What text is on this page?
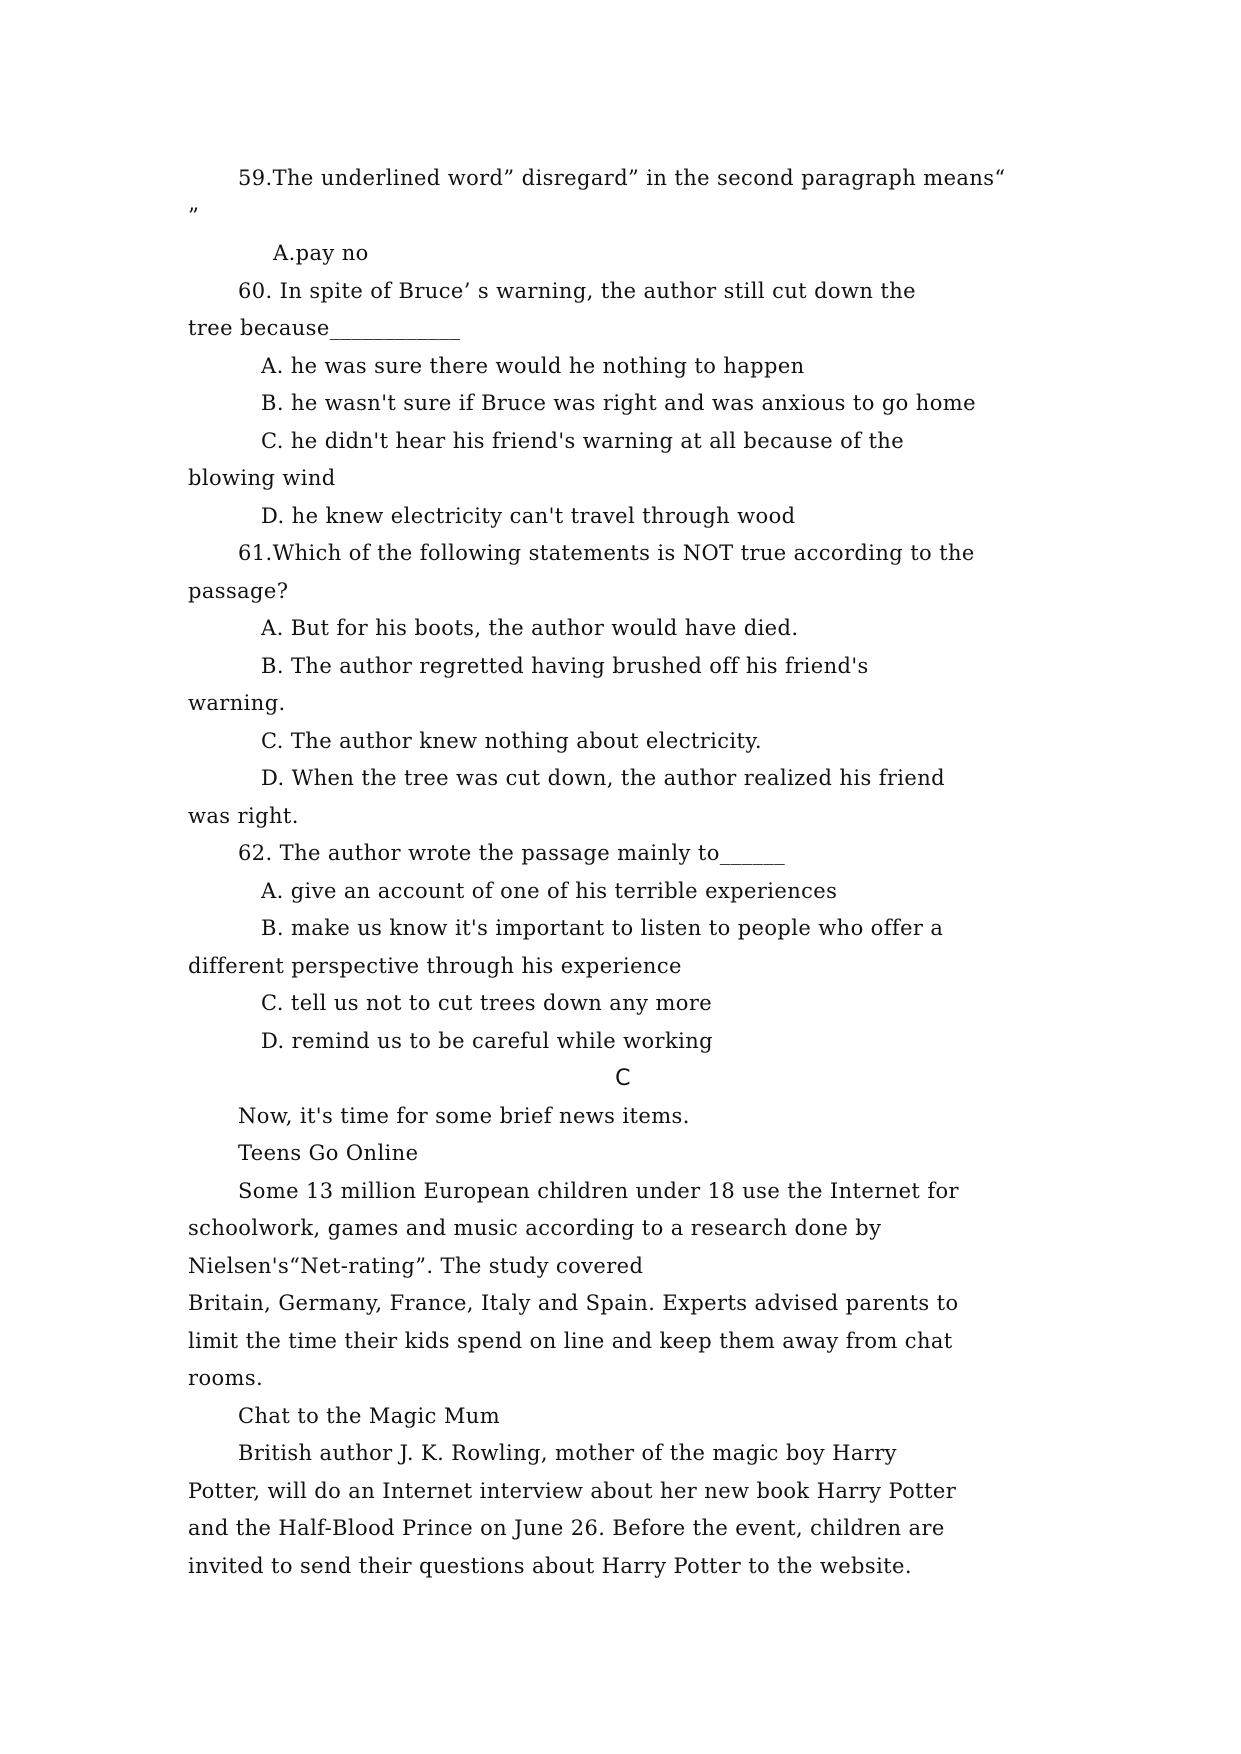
59.The underlined word” disregard” in the second paragraph means“
”
A.pay no
60. In spite of Bruce’ s warning, the author still cut down the
tree because____________
A. he was sure there would he nothing to happen
B. he wasn't sure if Bruce was right and was anxious to go home
C. he didn't hear his friend's warning at all because of the
blowing wind
D. he knew electricity can't travel through wood
61.Which of the following statements is NOT true according to the
passage?
A. But for his boots, the author would have died.
B. The author regretted having brushed off his friend's
warning.
C. The author knew nothing about electricity.
D. When the tree was cut down, the author realized his friend
was right.
62. The author wrote the passage mainly to______
A. give an account of one of his terrible experiences
B. make us know it's important to listen to people who offer a
different perspective through his experience
C. tell us not to cut trees down any more
D. remind us to be careful while working
C
Now, it's time for some brief news items.
Teens Go Online
Some 13 million European children under 18 use the Internet for
schoolwork, games and music according to a research done by
Nielsen's“Net-rating”. The study covered
Britain, Germany, France, Italy and Spain. Experts advised parents to
limit the time their kids spend on line and keep them away from chat
rooms.
Chat to the Magic Mum
British author J. K. Rowling, mother of the magic boy Harry
Potter, will do an Internet interview about her new book Harry Potter
and the Half-Blood Prince on June 26. Before the event, children are
invited to send their questions about Harry Potter to the website.
